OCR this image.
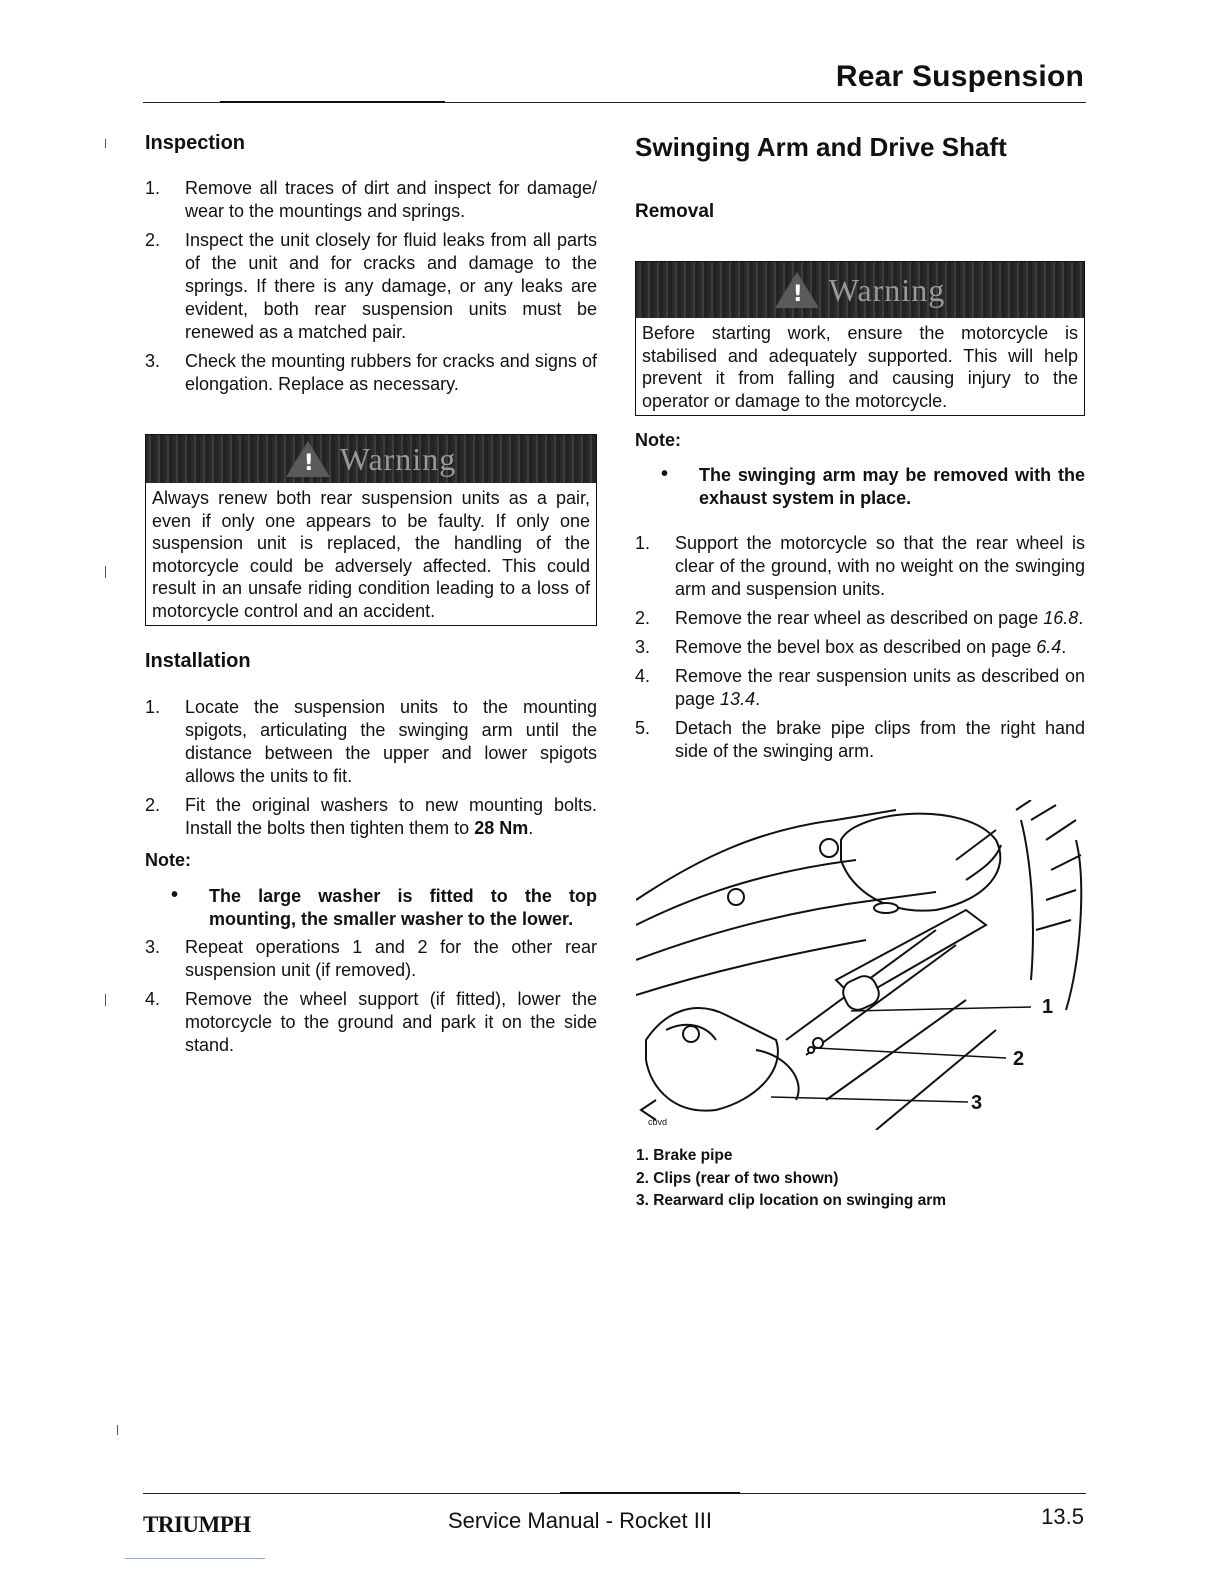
Rear Suspension
Inspection
1. Remove all traces of dirt and inspect for damage/ wear to the mountings and springs.
2. Inspect the unit closely for fluid leaks from all parts of the unit and for cracks and damage to the springs. If there is any damage, or any leaks are evident, both rear suspension units must be renewed as a matched pair.
3. Check the mounting rubbers for cracks and signs of elongation. Replace as necessary.
! Warning
Always renew both rear suspension units as a pair, even if only one appears to be faulty. If only one suspension unit is replaced, the handling of the motorcycle could be adversely affected. This could result in an unsafe riding condition leading to a loss of motorcycle control and an accident.
Installation
1. Locate the suspension units to the mounting spigots, articulating the swinging arm until the distance between the upper and lower spigots allows the units to fit.
2. Fit the original washers to new mounting bolts. Install the bolts then tighten them to 28 Nm.
Note:
• The large washer is fitted to the top mounting, the smaller washer to the lower.
3. Repeat operations 1 and 2 for the other rear suspension unit (if removed).
4. Remove the wheel support (if fitted), lower the motorcycle to the ground and park it on the side stand.
Swinging Arm and Drive Shaft
Removal
! Warning
Before starting work, ensure the motorcycle is stabilised and adequately supported. This will help prevent it from falling and causing injury to the operator or damage to the motorcycle.
Note:
• The swinging arm may be removed with the exhaust system in place.
1. Support the motorcycle so that the rear wheel is clear of the ground, with no weight on the swinging arm and suspension units.
2. Remove the rear wheel as described on page 16.8.
3. Remove the bevel box as described on page 6.4.
4. Remove the rear suspension units as described on page 13.4.
5. Detach the brake pipe clips from the right hand side of the swinging arm.
cbvd
1
2
3
1. Brake pipe
2. Clips (rear of two shown)
3. Rearward clip location on swinging arm
TRIUMPH	Service Manual - Rocket III	13.5
